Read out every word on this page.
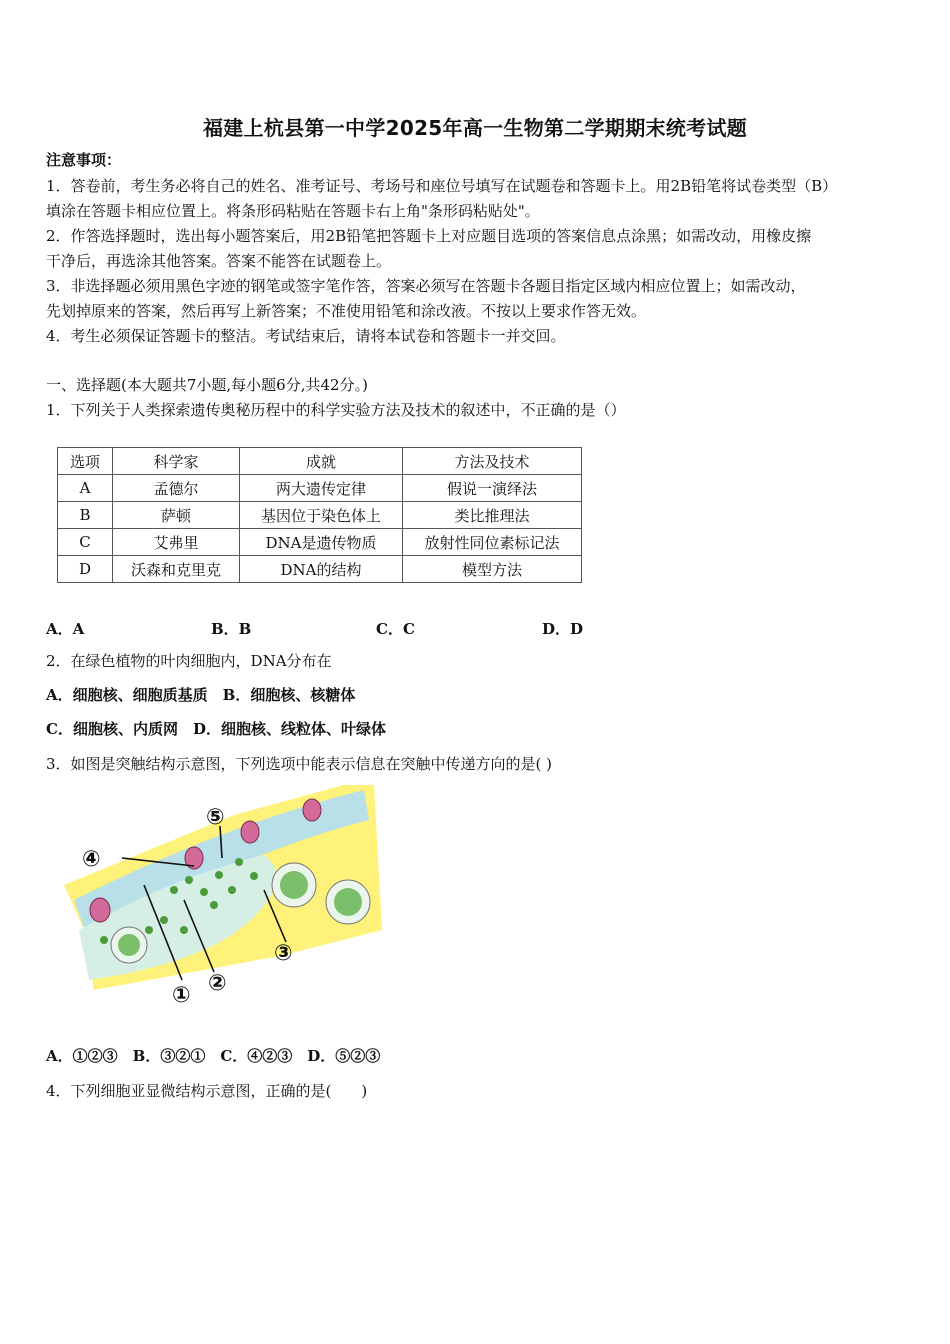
福建上杭县第一中学2025年高一生物第二学期期末统考试题
注意事项：
1．答卷前，考生务必将自己的姓名、准考证号、考场号和座位号填写在试题卷和答题卡上。用2B铅笔将试卷类型（B）
填涂在答题卡相应位置上。将条形码粘贴在答题卡右上角"条形码粘贴处"。
2．作答选择题时，选出每小题答案后，用2B铅笔把答题卡上对应题目选项的答案信息点涂黑；如需改动，用橡皮擦
干净后，再选涂其他答案。答案不能答在试题卷上。
3．非选择题必须用黑色字迹的钢笔或签字笔作答，答案必须写在答题卡各题目指定区域内相应位置上；如需改动，
先划掉原来的答案，然后再写上新答案；不准使用铅笔和涂改液。不按以上要求作答无效。
4．考生必须保证答题卡的整洁。考试结束后，请将本试卷和答题卡一并交回。
一、选择题(本大题共7小题,每小题6分,共42分。)
1．下列关于人类探索遗传奥秘历程中的科学实验方法及技术的叙述中，不正确的是（）
选项	科学家	成就	方法及技术
A	孟德尔	两大遗传定律	假说一演绎法
B	萨顿	基因位于染色体上	类比推理法
C	艾弗里	DNA是遗传物质	放射性同位素标记法
D	沃森和克里克	DNA的结构	模型方法
A．A	B．B	C．C	D．D
2．在绿色植物的叶肉细胞内，DNA分布在
A．细胞核、细胞质基质　B．细胞核、核糖体
C．细胞核、内质网　D．细胞核、线粒体、叶绿体
3．如图是突触结构示意图，下列选项中能表示信息在突触中传递方向的是( )
① ②
③
④
⑤
A．①②③　B．③②①　C．④②③　D．⑤②③
4．下列细胞亚显微结构示意图，正确的是(　　)
